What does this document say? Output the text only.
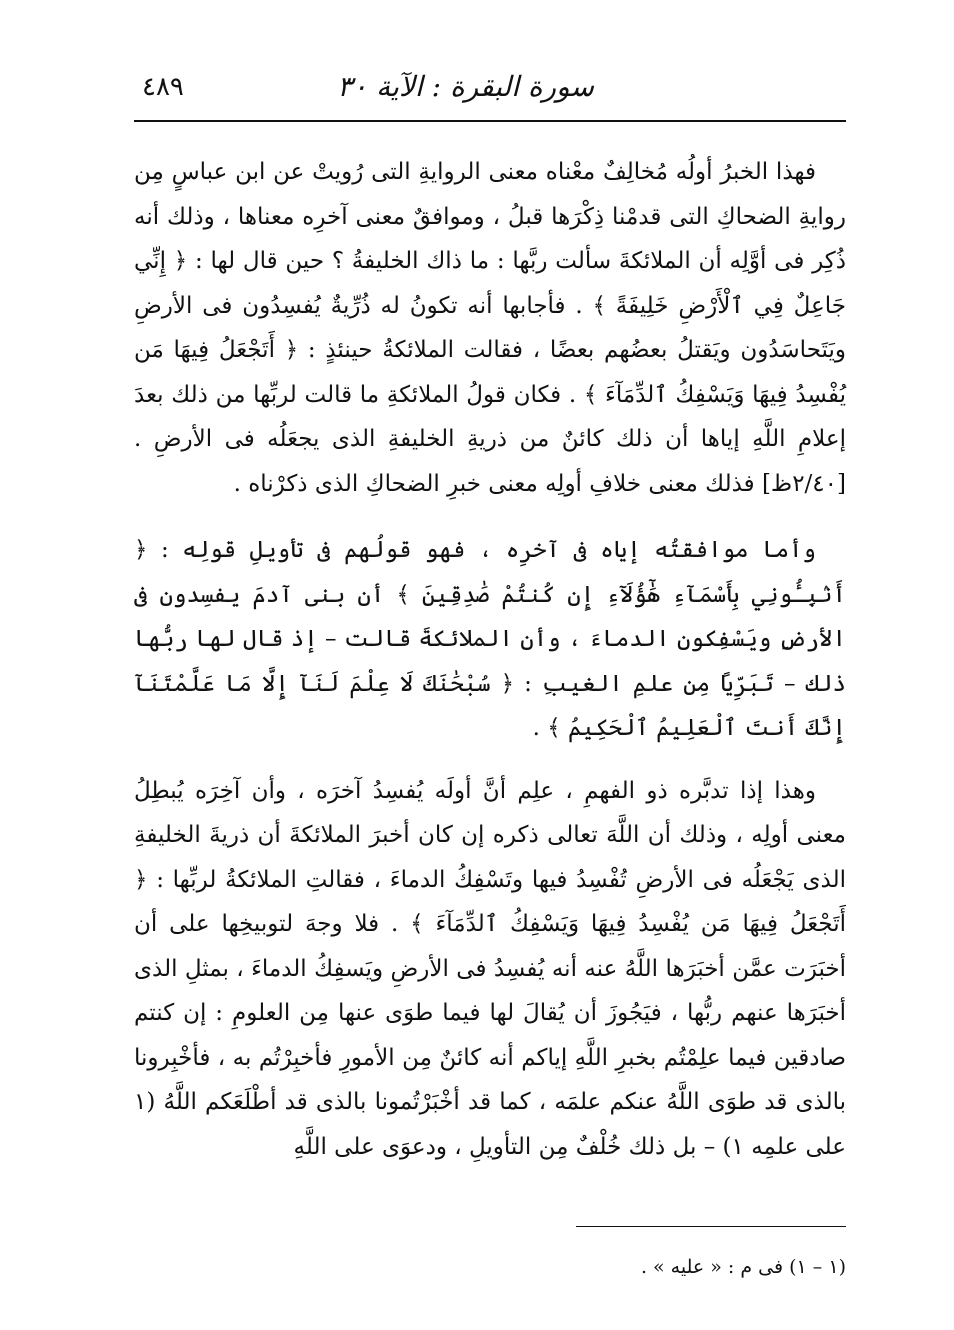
٤٨٩	سورة البقرة : الآية ٣٠

فهذا الخبرُ أولُه مُخالِفٌ معْناه معنى الروايةِ التى رُويتْ عن ابن عباسٍ مِن روايةِ الضحاكِ التى قدمْنا ذِكْرَها قبلُ ، وموافقٌ معنى آخرِه معناها ، وذلك أنه ذُكِر فى أوَّلِه أن الملائكةَ سألت ربَّها : ما ذاك الخليفةُ ؟ حين قال لها : ﴿ إِنِّي جَاعِلٌ فِي ٱلْأَرْضِ خَلِيفَةً ﴾ . فأجابها أنه تكونُ له ذُرِّيةٌ يُفسِدُون فى الأرضِ ويَتَحاسَدُون ويَقتلُ بعضُهم بعضًا ، فقالت الملائكةُ حينئذٍ : ﴿ أَتَجْعَلُ فِيهَا مَن يُفْسِدُ فِيهَا وَيَسْفِكُ ٱلدِّمَآءَ ﴾ . فكان قولُ الملائكةِ ما قالت لربِّها من ذلك بعدَ إعلامِ اللَّهِ إياها أن ذلك كائنٌ من ذريةِ الخليفةِ الذى يجعَلُه فى الأرضِ . [٢/٤٠ظ] فذلك معنى خلافِ أولِه معنى خبرِ الضحاكِ الذى ذكرْناه .

وأما موافقتُه إياه فى آخرِه ، فهو قولُهم فى تأويلِ قولِه : ﴿ أَنۢبِـُٔونِي بِأَسْمَآءِ هَٰٓؤُلَآءِ إِن كُنتُمْ صَٰدِقِينَ ﴾ أن بنى آدمَ يفسِدون فى الأرضِ ويَسْفِكون الدماءَ ، وأن الملائكةَ قالت – إذ قال لها ربُّها ذلك – تَبَرِّيًا مِن علمِ الغيبِ : ﴿ سُبْحَٰنَكَ لَا عِلْمَ لَنَآ إِلَّا مَا عَلَّمْتَنَآ إِنَّكَ أَنتَ ٱلْعَلِيمُ ٱلْحَكِيمُ ﴾ .

وهذا إذا تدبَّره ذو الفهمِ ، علِم أنَّ أولَه يُفسِدُ آخرَه ، وأن آخِرَه يُبطِلُ معنى أولِه ، وذلك أن اللَّهَ تعالى ذكره إن كان أخبرَ الملائكةَ أن ذريةَ الخليفةِ الذى يَجْعَلُه فى الأرضِ تُفْسِدُ فيها وتَسْفِكُ الدماءَ ، فقالتِ الملائكةُ لربِّها : ﴿ أَتَجْعَلُ فِيهَا مَن يُفْسِدُ فِيهَا وَيَسْفِكُ ٱلدِّمَآءَ ﴾ . فلا وجهَ لتوبيخِها على أن أخبَرَت عمَّن أخبَرَها اللَّهُ عنه أنه يُفسِدُ فى الأرضِ ويَسفِكُ الدماءَ ، بمثلِ الذى أخبَرَها عنهم ربُّها ، فيَجُوزَ أن يُقالَ لها فيما طوَى عنها مِن العلومِ : إن كنتم صادقين فيما علِمْتُم بخبرِ اللَّهِ إياكم أنه كائنٌ مِن الأمورِ فأخبِرْتُم به ، فأخْبِرونا بالذى قد طوَى اللَّهُ عنكم علمَه ، كما قد أخْبَرْتُمونا بالذى قد أطْلَعَكم اللَّهُ (١ على علمِه ١) – بل ذلك خُلْفٌ مِن التأويلِ ، ودعوَى على اللَّهِ

(١ – ١) فى م : « عليه » .
